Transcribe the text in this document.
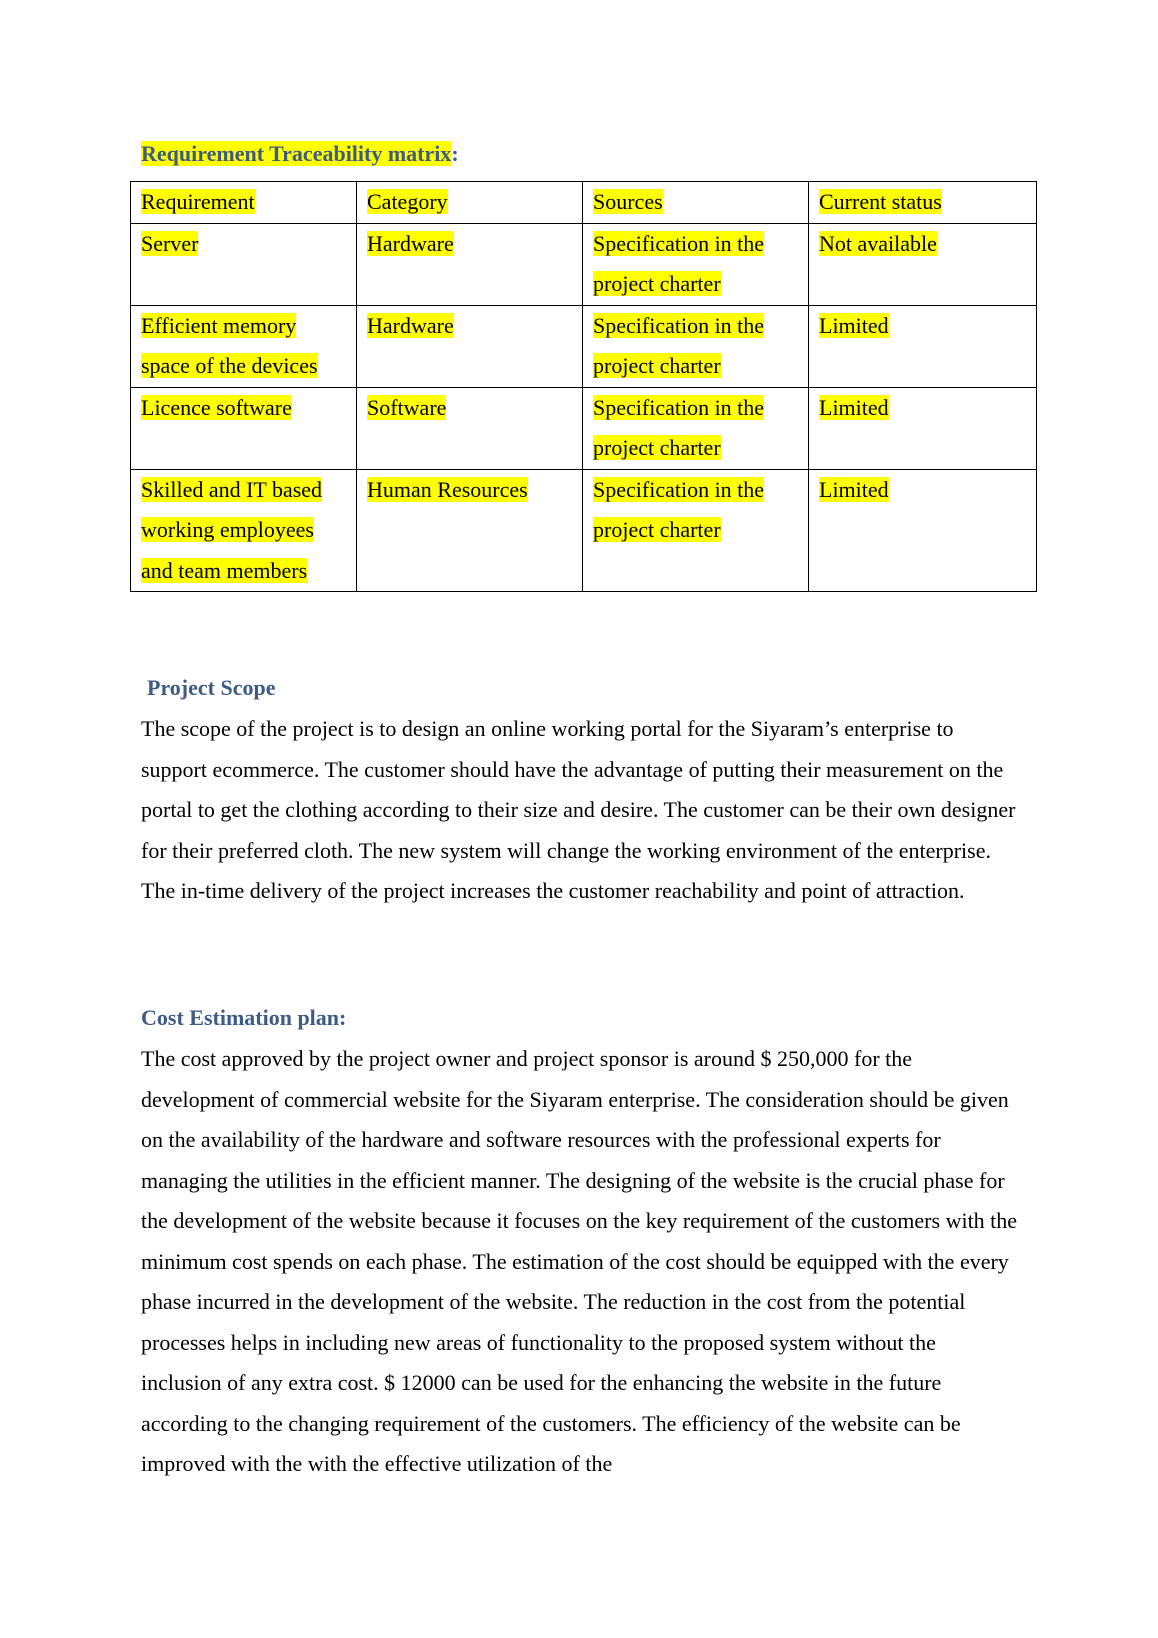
Requirement Traceability matrix:
Requirement	Category	Sources	Current status
Server	Hardware	Specification in the project charter	Not available
Efficient memory space of the devices	Hardware	Specification in the project charter	Limited
Licence software	Software	Specification in the project charter	Limited
Skilled and IT based working employees and team members	Human Resources	Specification in the project charter	Limited
Project Scope

The scope of the project is to design an online working portal for the Siyaram’s enterprise to support ecommerce. The customer should have the advantage of putting their measurement on the portal to get the clothing according to their size and desire. The customer can be their own designer for their preferred cloth. The new system will change the working environment of the enterprise. The in-time delivery of the project increases the customer reachability and point of attraction.

Cost Estimation plan:

The cost approved by the project owner and project sponsor is around $ 250,000 for the development of commercial website for the Siyaram enterprise. The consideration should be given on the availability of the hardware and software resources with the professional experts for managing the utilities in the efficient manner. The designing of the website is the crucial phase for the development of the website because it focuses on the key requirement of the customers with the minimum cost spends on each phase. The estimation of the cost should be equipped with the every phase incurred in the development of the website. The reduction in the cost from the potential processes helps in including new areas of functionality to the proposed system without the inclusion of any extra cost. $ 12000 can be used for the enhancing the website in the future according to the changing requirement of the customers. The efficiency of the website can be improved with the with the effective utilization of the
